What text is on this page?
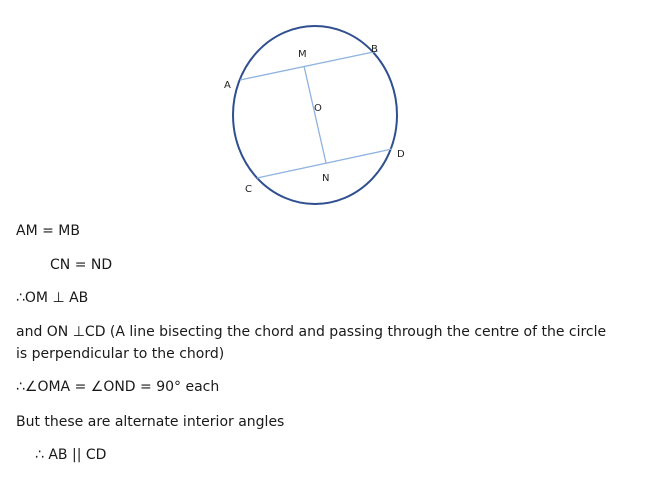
A
B
C
D
M
N
O
AM = MB
CN = ND
∴OM ⊥ AB
and ON ⊥CD (A line bisecting the chord and passing through the centre of the circle is perpendicular to the chord)
∴∠OMA = ∠OND = 90° each
But these are alternate interior angles
∴ AB || CD
